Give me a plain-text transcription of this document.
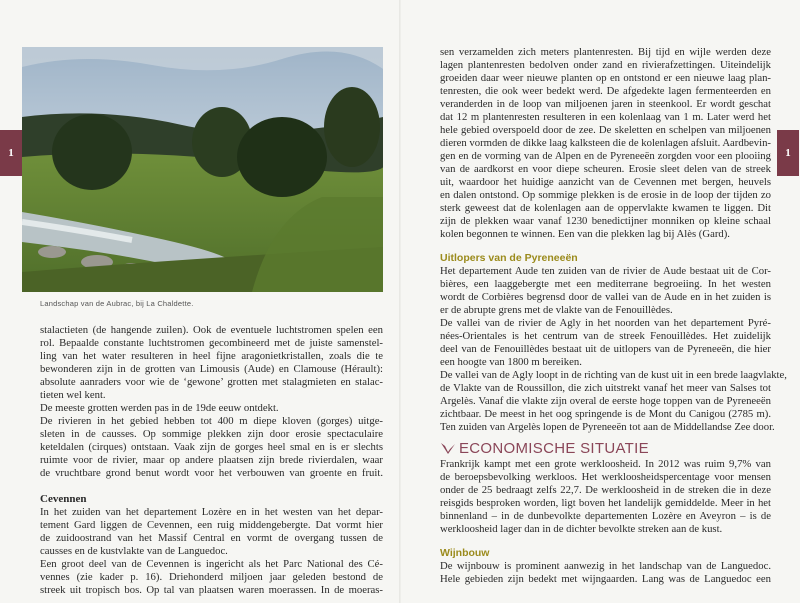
1	1
Landschap van de Aubrac, bij La Chaldette.
stalactieten (de hangende zuilen). Ook de eventuele luchtstromen spelen een
rol. Bepaalde constante luchtstromen gecombineerd met de juiste samenstel-
ling van het water resulteren in heel fijne aragonietkristallen, zoals die te
bewonderen zijn in de grotten van Limousis (Aude) en Clamouse (Hérault):
absolute aanraders voor wie de ‘gewone’ grotten met stalagmieten en stalac-
tieten wel kent.
De meeste grotten werden pas in de 19de eeuw ontdekt.
De rivieren in het gebied hebben tot 400 m diepe kloven (gorges) uitge-
sleten in de causses. Op sommige plekken zijn door erosie spectaculaire
keteldalen (cirques) ontstaan. Vaak zijn de gorges heel smal en is er slechts
ruimte voor de rivier, maar op andere plaatsen zijn brede rivierdalen, waar
de vruchtbare grond benut wordt voor het verbouwen van groente en fruit.
Cevennen
In het zuiden van het departement Lozère en in het westen van het depar-
tement Gard liggen de Cevennen, een ruig middengebergte. Dat vormt hier
de zuidoostrand van het Massif Central en vormt de overgang tussen de
causses en de kustvlakte van de Languedoc.
Een groot deel van de Cevennen is ingericht als het Parc National des Cé-
vennes (zie kader p. 16). Driehonderd miljoen jaar geleden bestond de
streek uit tropisch bos. Op tal van plaatsen waren moerassen. In de moeras-
sen verzamelden zich meters plantenresten. Bij tijd en wijle werden deze
lagen plantenresten bedolven onder zand en rivierafzettingen. Uiteindelijk
groeiden daar weer nieuwe planten op en ontstond er een nieuwe laag plan-
tenresten, die ook weer bedekt werd. De afgedekte lagen fermenteerden en
veranderden in de loop van miljoenen jaren in steenkool. Er wordt geschat
dat 12 m plantenresten resulteren in een kolenlaag van 1 m. Later werd het
hele gebied overspoeld door de zee. De skeletten en schelpen van miljoenen
dieren vormden de dikke laag kalksteen die de kolenlagen afsluit. Aardbevin-
gen en de vorming van de Alpen en de Pyreneeën zorgden voor een plooiing
van de aardkorst en voor diepe scheuren. Erosie sleet delen van de streek
uit, waardoor het huidige aanzicht van de Cevennen met bergen, heuvels
en dalen ontstond. Op sommige plekken is de erosie in de loop der tijden zo
sterk geweest dat de kolenlagen aan de oppervlakte kwamen te liggen. Dit
zijn de plekken waar vanaf 1230 benedictijner monniken op kleine schaal
kolen begonnen te winnen. Een van die plekken lag bij Alès (Gard).
Uitlopers van de Pyreneeën
Het departement Aude ten zuiden van de rivier de Aude bestaat uit de Cor-
bières, een laaggebergte met een mediterrane begroeiing. In het westen
wordt de Corbières begrensd door de vallei van de Aude en in het zuiden is
er de abrupte grens met de vlakte van de Fenouillèdes.
De vallei van de rivier de Agly in het noorden van het departement Pyré-
nées-Orientales is het centrum van de streek Fenouillèdes. Het zuidelijk
deel van de Fenouillèdes bestaat uit de uitlopers van de Pyreneeën, die hier
een hoogte van 1800 m bereiken.
De vallei van de Agly loopt in de richting van de kust uit in een brede laagvlakte,
de Vlakte van de Roussillon, die zich uitstrekt vanaf het meer van Salses tot
Argelès. Vanaf die vlakte zijn overal de eerste hoge toppen van de Pyreneeën
zichtbaar. De meest in het oog springende is de Mont du Canigou (2785 m).
Ten zuiden van Argelès lopen de Pyreneeën tot aan de Middellandse Zee door.
ECONOMISCHE SITUATIE
Frankrijk kampt met een grote werkloosheid. In 2012 was ruim 9,7% van
de beroepsbevolking werkloos. Het werkloosheidspercentage voor mensen
onder de 25 bedraagt zelfs 22,7. De werkloosheid in de streken die in deze
reisgids besproken worden, ligt boven het landelijk gemiddelde. Meer in het
binnenland – in de dunbevolkte departementen Lozère en Aveyron – is de
werkloosheid lager dan in de dichter bevolkte streken aan de kust.
Wijnbouw
De wijnbouw is prominent aanwezig in het landschap van de Languedoc.
Hele gebieden zijn bedekt met wijngaarden. Lang was de Languedoc een
